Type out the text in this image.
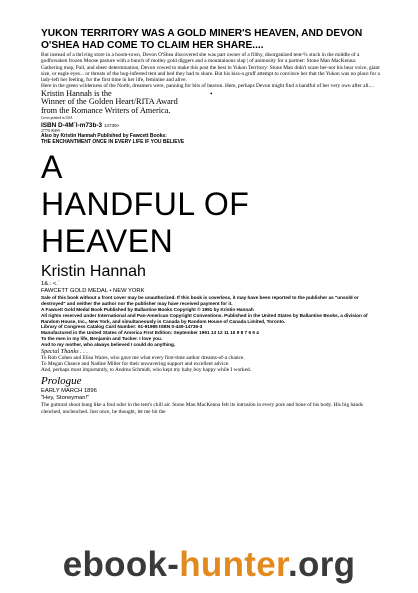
YUKON TERRITORY WAS A GOLD MINER'S HEAVEN, AND DEVON O'SHEA HAD COME TO CLAIM HER SHARE....

But instead of a thriving store in a boom-town, Devon O'Shea discovered she was part owner of a filthy, disorganized tent-% stuck in the middle of a godforsaken frozen Moose pasture with a bunch of motley gold diggers and a mountainous slap | of animosity for a partner: Stone Man MacKenna:

Gathering mop, Pail, and sheer determination, Devon vowed to make this post the best in Yukon Territory: Stone Man didn't scare her-not his bear voice, giant size, or eagle eyes... or threats of the bug-infested tent and bed they had to share. But his kiss-a gruff attempt to convince her that the Yukon was no place for a lady-left her feeling, for the first time in her life, feminine and alive.

Here in the green wilderness of the North, dreamers were, panning for bits of heaven. Here, perhaps Devon might find a handful of her very own after all....

Kristin Hannah is the
Winner of the Golden Heart/RITA Award
from the Romance Writers of America.
•
Cover printed in USA
ISBN D-4M´l-m73b-3 14736>
27778 00499
Also by Kristin Hannah Published by Fawcett Books:
THE ENCHANTMENT ONCE IN EVERY LIFE IF YOU BELIEVE
A
HANDFUL OF
HEAVEN
Kristin Hannah
1&.: <.`
FAWCETT GOLD MEDAL • NEW YORK
Sale of this book without a front cover may be unauthorized. If this book is coverless, it may have been reported to the publisher as "unsold or destroyed" and neither the author nor the publisher may have received payment for it.
A Fawcett Gold Medal Book Published by Ballantine Books Copyright © 1991 by Kristin Hannah
All rights reserved under International and Pan-American Copyright Conventions. Published in the United States by Ballantine Books, a division of Random House, Inc., New York, and simultaneously in Canada by Random House of Canada Limited, Toronto.
Library of Congress Catalog Card Number: 91-91985 ISBN 0-449-14736-3
Manufactured in the United States of America First Edition: September 1991 13 12 11 10 9 8 7 6 5 4
To the men in my life, Benjamin and Tucker. I love you.
And to my mother, who always believed I could do anything.
Special Thanks . . .
To Rob Cohen and Elisa Wares, who gave me what every first-time author dreams-of-a chance.
To Megan Chance and Nadine Miller for their unwavering support and excellent advice.
And, perhaps most importantly, to Andrea Schmidt, who kept my baby boy happy while I worked.
Prologue
EARLY MARCH 1896
"Hey, Stoneyman!"
The guttural shout hung like a foul odor in the tent's chill air. Stone Man MacKenna felt its intrusion in every pore and bone of his body. His big hands clenched, unclenched. Just once, he thought, let me hit the
ebook-hunter.org
